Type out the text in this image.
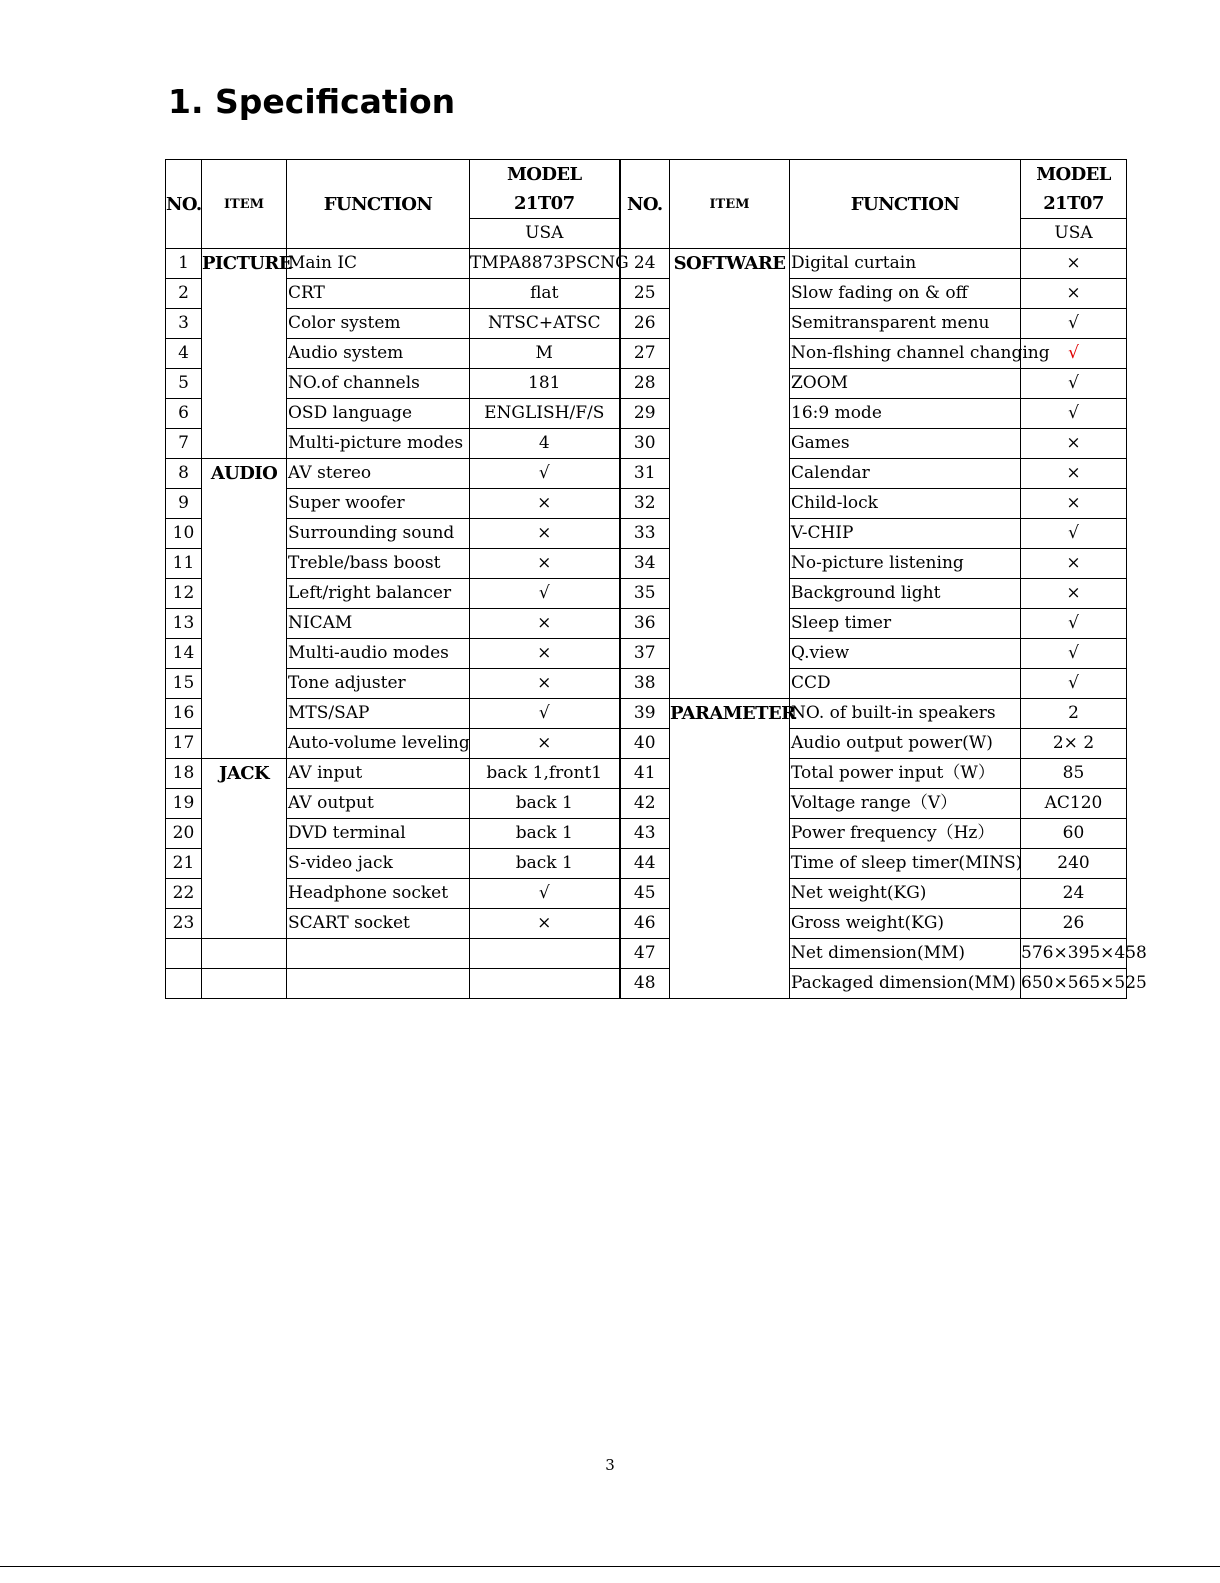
1. Specification
NO.	ITEM	FUNCTION	MODEL	NO.	ITEM	FUNCTION	MODEL
			21T07				21T07
			USA				USA
1	PICTURE	Main IC	TMPA8873PSCNG	24	SOFTWARE	Digital curtain	×
2		CRT	flat	25		Slow fading on & off	×
3		Color system	NTSC+ATSC	26		Semitransparent menu	√
4		Audio system	M	27		Non-flshing channel changing	√
5		NO.of channels	181	28		ZOOM	√
6		OSD language	ENGLISH/F/S	29		16:9 mode	√
7		Multi-picture modes	4	30		Games	×
8	AUDIO	AV stereo	√	31		Calendar	×
9		Super woofer	×	32		Child-lock	×
10		Surrounding sound	×	33		V-CHIP	√
11		Treble/bass boost	×	34		No-picture listening	×
12		Left/right balancer	√	35		Background light	×
13		NICAM	×	36		Sleep timer	√
14		Multi-audio modes	×	37		Q.view	√
15		Tone adjuster	×	38		CCD	√
16		MTS/SAP	√	39	PARAMETER	NO. of built-in speakers	2
17		Auto-volume leveling	×	40		Audio output power(W)	2× 2
18	JACK	AV input	back 1,front1	41		Total power input（W）	85
19		AV output	back 1	42		Voltage range（V）	AC120
20		DVD terminal	back 1	43		Power frequency（Hz）	60
21		S-video jack	back 1	44		Time of sleep timer(MINS)	240
22		Headphone socket	√	45		Net weight(KG)	24
23		SCART socket	×	46		Gross weight(KG)	26
				47		Net dimension(MM)	576×395×458
				48		Packaged dimension(MM)	650×565×525
3
